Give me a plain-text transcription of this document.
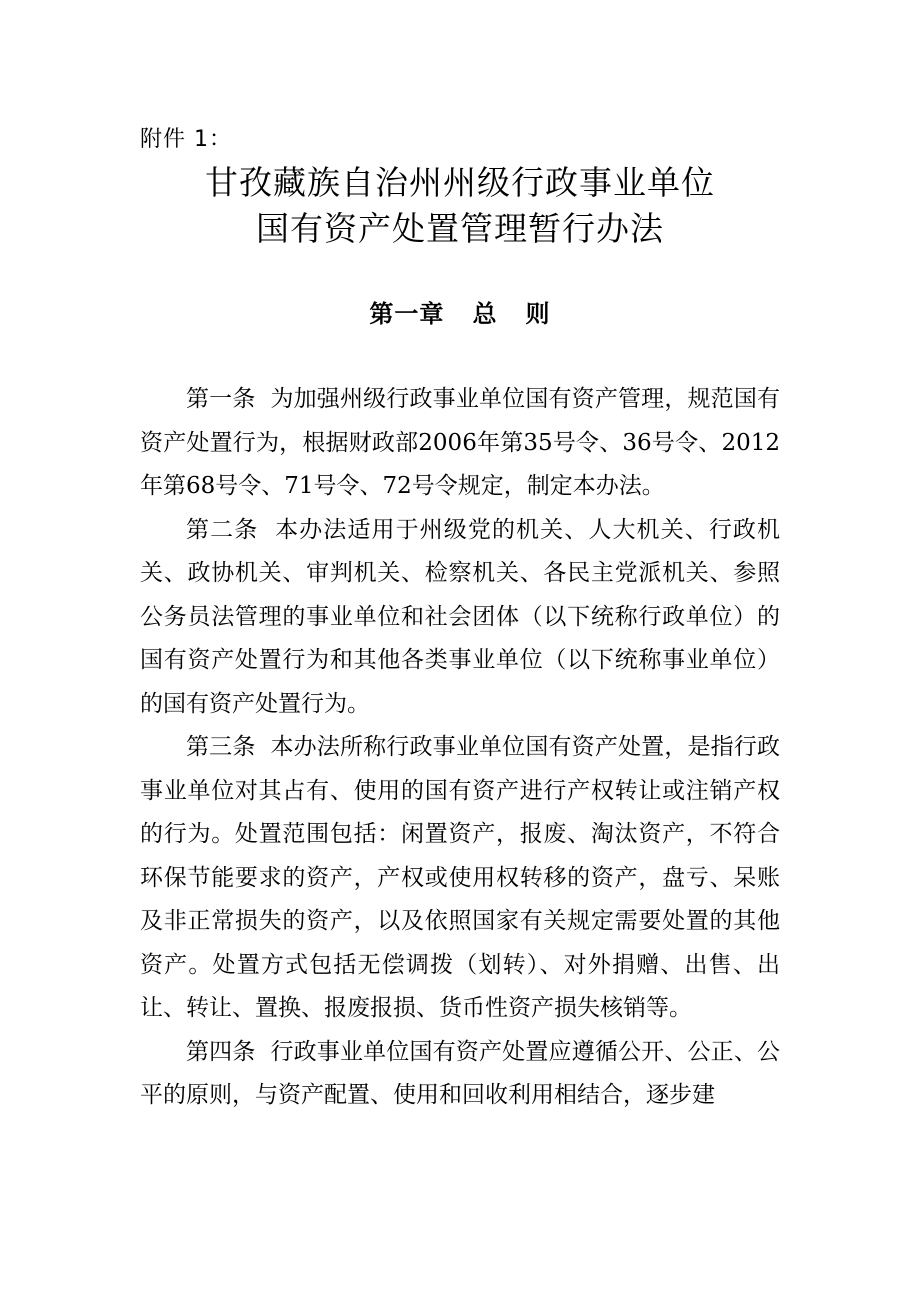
附件 1：
甘孜藏族自治州州级行政事业单位
国有资产处置管理暂行办法
第一章   总   则

第一条  为加强州级行政事业单位国有资产管理，规范国有资产处置行为，根据财政部2006年第35号令、36号令、2012年第68号令、71号令、72号令规定，制定本办法。

第二条  本办法适用于州级党的机关、人大机关、行政机关、政协机关、审判机关、检察机关、各民主党派机关、参照公务员法管理的事业单位和社会团体（以下统称行政单位）的国有资产处置行为和其他各类事业单位（以下统称事业单位）的国有资产处置行为。

第三条  本办法所称行政事业单位国有资产处置，是指行政事业单位对其占有、使用的国有资产进行产权转让或注销产权的行为。处置范围包括：闲置资产，报废、淘汰资产，不符合环保节能要求的资产，产权或使用权转移的资产，盘亏、呆账及非正常损失的资产，以及依照国家有关规定需要处置的其他资产。处置方式包括无偿调拨（划转）、对外捐赠、出售、出让、转让、置换、报废报损、货币性资产损失核销等。

第四条  行政事业单位国有资产处置应遵循公开、公正、公平的原则，与资产配置、使用和回收利用相结合，逐步建
